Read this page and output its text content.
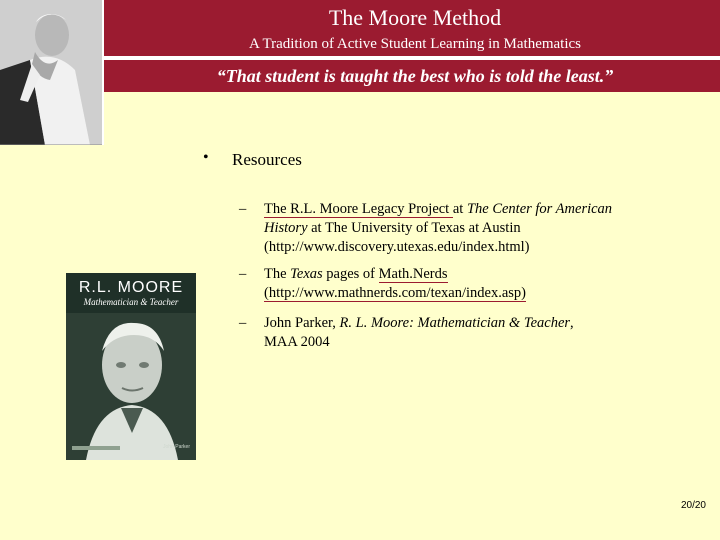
The Moore Method
A Tradition of Active Student Learning in Mathematics
“That student is taught the best who is told the least.”
R.L. MOORE
Mathematician & Teacher
John Parker
• Resources
– The R.L. Moore Legacy Project at The Center for American History at The University of Texas at Austin
(http://www.discovery.utexas.edu/index.html)
– The Texas pages of Math.Nerds
(http://www.mathnerds.com/texan/index.asp)
– John Parker, R. L. Moore: Mathematician & Teacher,
MAA 2004
20/20
